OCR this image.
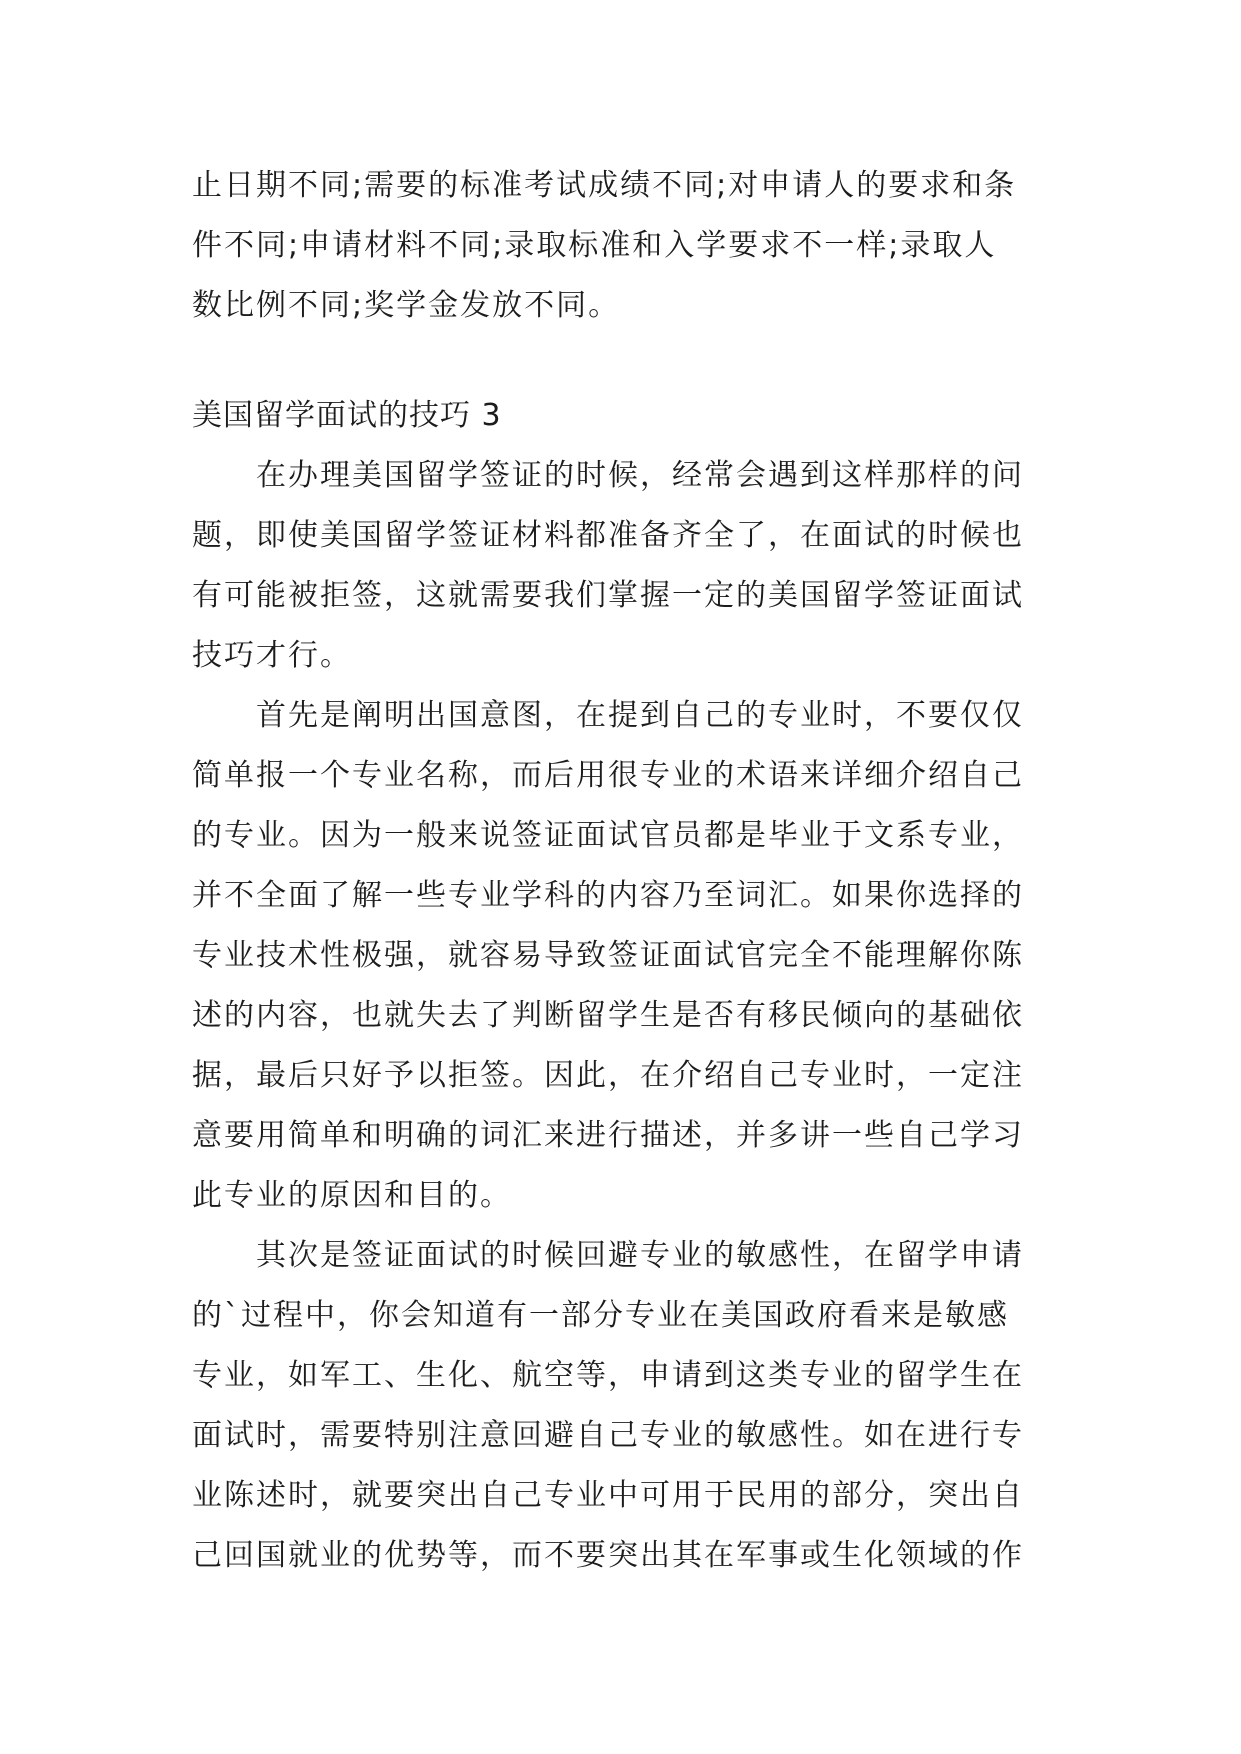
止日期不同;需要的标准考试成绩不同;对申请人的要求和条
件不同;申请材料不同;录取标准和入学要求不一样;录取人
数比例不同;奖学金发放不同。
美国留学面试的技巧 3
在办理美国留学签证的时候，经常会遇到这样那样的问
题，即使美国留学签证材料都准备齐全了，在面试的时候也
有可能被拒签，这就需要我们掌握一定的美国留学签证面试
技巧才行。
首先是阐明出国意图，在提到自己的专业时，不要仅仅
简单报一个专业名称，而后用很专业的术语来详细介绍自己
的专业。因为一般来说签证面试官员都是毕业于文系专业，
并不全面了解一些专业学科的内容乃至词汇。如果你选择的
专业技术性极强，就容易导致签证面试官完全不能理解你陈
述的内容，也就失去了判断留学生是否有移民倾向的基础依
据，最后只好予以拒签。因此，在介绍自己专业时，一定注
意要用简单和明确的词汇来进行描述，并多讲一些自己学习
此专业的原因和目的。
其次是签证面试的时候回避专业的敏感性，在留学申请
的`过程中，你会知道有一部分专业在美国政府看来是敏感
专业，如军工、生化、航空等，申请到这类专业的留学生在
面试时，需要特别注意回避自己专业的敏感性。如在进行专
业陈述时，就要突出自己专业中可用于民用的部分，突出自
己回国就业的优势等，而不要突出其在军事或生化领域的作
